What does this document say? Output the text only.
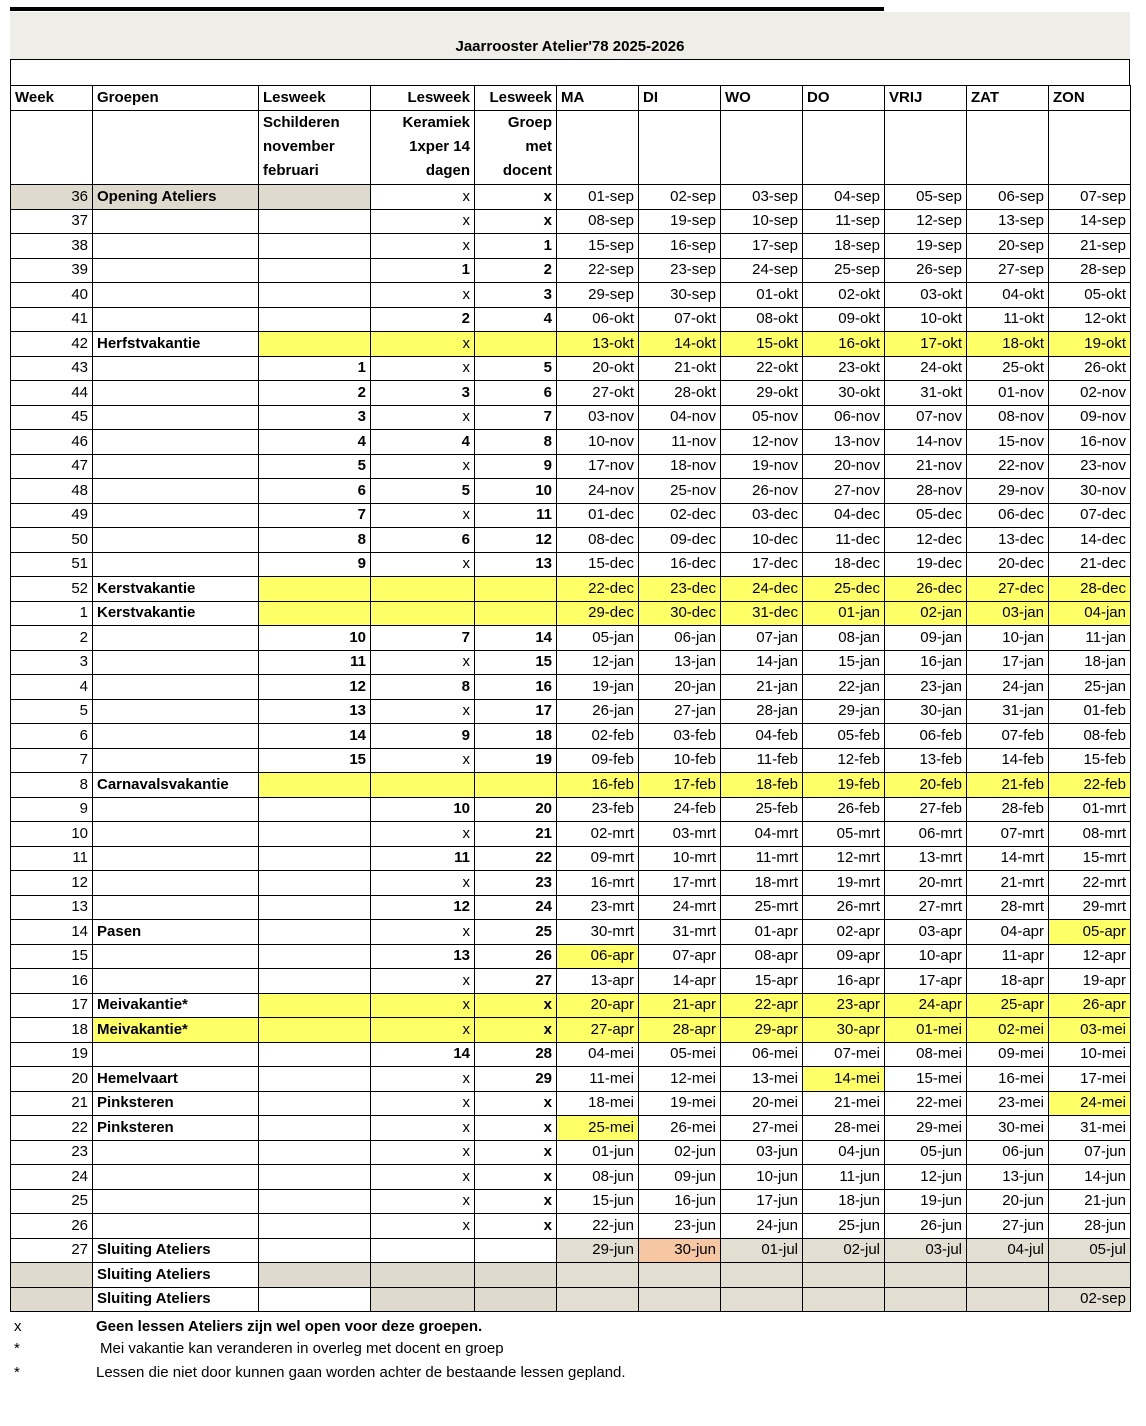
Jaarrooster Atelier'78 2025-2026
Week	Groepen	Lesweek	Lesweek	Lesweek	MA	DI	WO	DO	VRIJ	ZAT	ZON
		Schilderen november februari	Keramiek 1xper 14 dagen	Groep met docent							
36	Opening Ateliers		x	x	01-sep	02-sep	03-sep	04-sep	05-sep	06-sep	07-sep
37			x	x	08-sep	19-sep	10-sep	11-sep	12-sep	13-sep	14-sep
38			x	1	15-sep	16-sep	17-sep	18-sep	19-sep	20-sep	21-sep
39			1	2	22-sep	23-sep	24-sep	25-sep	26-sep	27-sep	28-sep
40			x	3	29-sep	30-sep	01-okt	02-okt	03-okt	04-okt	05-okt
41			2	4	06-okt	07-okt	08-okt	09-okt	10-okt	11-okt	12-okt
42	Herfstvakantie		x		13-okt	14-okt	15-okt	16-okt	17-okt	18-okt	19-okt
43		1	x	5	20-okt	21-okt	22-okt	23-okt	24-okt	25-okt	26-okt
44		2	3	6	27-okt	28-okt	29-okt	30-okt	31-okt	01-nov	02-nov
45		3	x	7	03-nov	04-nov	05-nov	06-nov	07-nov	08-nov	09-nov
46		4	4	8	10-nov	11-nov	12-nov	13-nov	14-nov	15-nov	16-nov
47		5	x	9	17-nov	18-nov	19-nov	20-nov	21-nov	22-nov	23-nov
48		6	5	10	24-nov	25-nov	26-nov	27-nov	28-nov	29-nov	30-nov
49		7	x	11	01-dec	02-dec	03-dec	04-dec	05-dec	06-dec	07-dec
50		8	6	12	08-dec	09-dec	10-dec	11-dec	12-dec	13-dec	14-dec
51		9	x	13	15-dec	16-dec	17-dec	18-dec	19-dec	20-dec	21-dec
52	Kerstvakantie				22-dec	23-dec	24-dec	25-dec	26-dec	27-dec	28-dec
1	Kerstvakantie				29-dec	30-dec	31-dec	01-jan	02-jan	03-jan	04-jan
2		10	7	14	05-jan	06-jan	07-jan	08-jan	09-jan	10-jan	11-jan
3		11	x	15	12-jan	13-jan	14-jan	15-jan	16-jan	17-jan	18-jan
4		12	8	16	19-jan	20-jan	21-jan	22-jan	23-jan	24-jan	25-jan
5		13	x	17	26-jan	27-jan	28-jan	29-jan	30-jan	31-jan	01-feb
6		14	9	18	02-feb	03-feb	04-feb	05-feb	06-feb	07-feb	08-feb
7		15	x	19	09-feb	10-feb	11-feb	12-feb	13-feb	14-feb	15-feb
8	Carnavalsvakantie				16-feb	17-feb	18-feb	19-feb	20-feb	21-feb	22-feb
9			10	20	23-feb	24-feb	25-feb	26-feb	27-feb	28-feb	01-mrt
10			x	21	02-mrt	03-mrt	04-mrt	05-mrt	06-mrt	07-mrt	08-mrt
11			11	22	09-mrt	10-mrt	11-mrt	12-mrt	13-mrt	14-mrt	15-mrt
12			x	23	16-mrt	17-mrt	18-mrt	19-mrt	20-mrt	21-mrt	22-mrt
13			12	24	23-mrt	24-mrt	25-mrt	26-mrt	27-mrt	28-mrt	29-mrt
14	Pasen		x	25	30-mrt	31-mrt	01-apr	02-apr	03-apr	04-apr	05-apr
15			13	26	06-apr	07-apr	08-apr	09-apr	10-apr	11-apr	12-apr
16			x	27	13-apr	14-apr	15-apr	16-apr	17-apr	18-apr	19-apr
17	Meivakantie*		x	x	20-apr	21-apr	22-apr	23-apr	24-apr	25-apr	26-apr
18	Meivakantie*		x	x	27-apr	28-apr	29-apr	30-apr	01-mei	02-mei	03-mei
19			14	28	04-mei	05-mei	06-mei	07-mei	08-mei	09-mei	10-mei
20	Hemelvaart		x	29	11-mei	12-mei	13-mei	14-mei	15-mei	16-mei	17-mei
21	Pinksteren		x	x	18-mei	19-mei	20-mei	21-mei	22-mei	23-mei	24-mei
22	Pinksteren		x	x	25-mei	26-mei	27-mei	28-mei	29-mei	30-mei	31-mei
23			x	x	01-jun	02-jun	03-jun	04-jun	05-jun	06-jun	07-jun
24			x	x	08-jun	09-jun	10-jun	11-jun	12-jun	13-jun	14-jun
25			x	x	15-jun	16-jun	17-jun	18-jun	19-jun	20-jun	21-jun
26			x	x	22-jun	23-jun	24-jun	25-jun	26-jun	27-jun	28-jun
27	Sluiting Ateliers				29-jun	30-jun	01-jul	02-jul	03-jul	04-jul	05-jul
	Sluiting Ateliers										
	Sluiting Ateliers										02-sep
x	Geen lessen Ateliers zijn wel open voor deze groepen.
*	Mei vakantie kan veranderen in overleg met docent en groep
*	Lessen die niet door kunnen gaan worden achter de bestaande lessen gepland.
